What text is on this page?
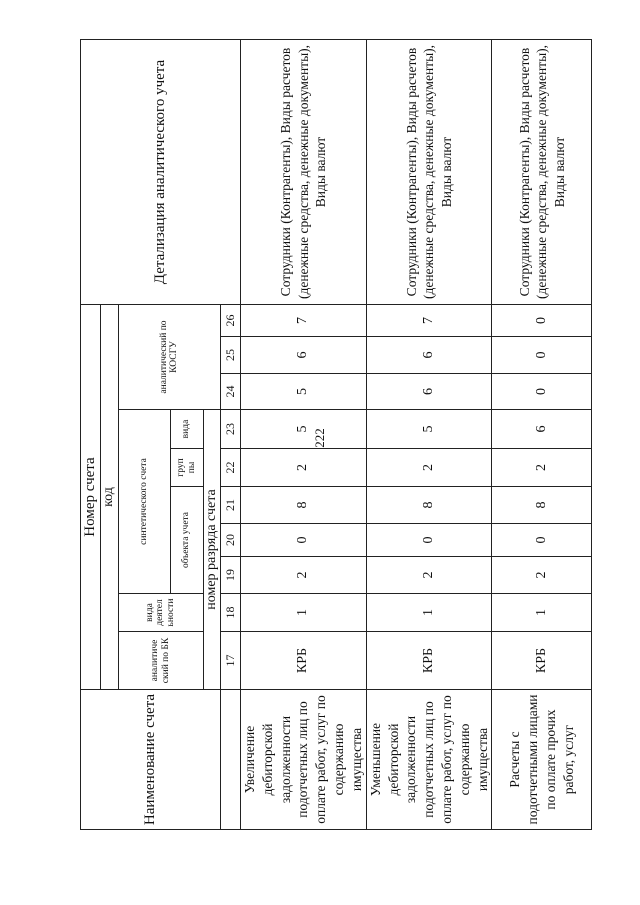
222
Наименование счета	Номер счета										Детализация аналитического учета
	код										
	аналитиче ский по БК	вида деятел ьности	синтетического счета					аналитический по КОСГУ			
			объекта учета			груп пы	вида				
	номер разряда счета										
	17	18	19	20	21	22	23	24	25	26	
Увеличение дебиторской задолженности подотчетных лиц по оплате работ, услуг по содержанию имущества	КРБ	1	2	0	8	2	5	5	6	7	Сотрудники (Контрагенты), Виды расчетов (денежные средства, денежные документы), Виды валют
Уменьшение дебиторской задолженности подотчетных лиц по оплате работ, услуг по содержанию имущества	КРБ	1	2	0	8	2	5	6	6	7	Сотрудники (Контрагенты), Виды расчетов (денежные средства, денежные документы), Виды валют
Расчеты с подотчетными лицами по оплате прочих работ, услуг	КРБ	1	2	0	8	2	6	0	0	0	Сотрудники (Контрагенты), Виды расчетов (денежные средства, денежные документы), Виды валют
